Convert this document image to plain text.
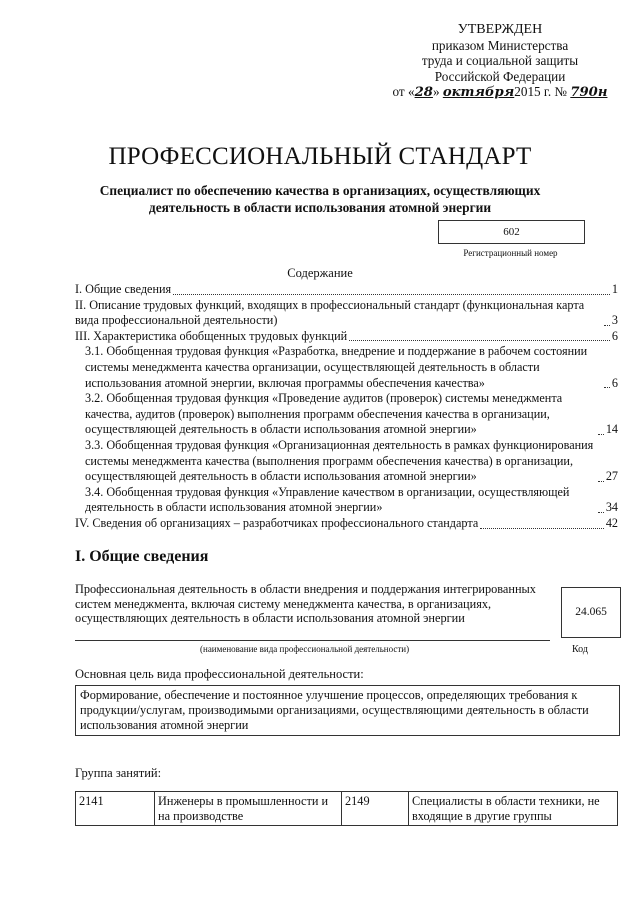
УТВЕРЖДЕН
приказом Министерства
труда и социальной защиты
Российской Федерации
от «28» октября2015 г. № 790н
ПРОФЕССИОНАЛЬНЫЙ СТАНДАРТ
Специалист по обеспечению качества в организациях, осуществляющих деятельность в области использования атомной энергии
602
Регистрационный номер
Содержание
I. Общие сведения	1
II. Описание трудовых функций, входящих в профессиональный стандарт (функциональная карта вида профессиональной деятельности)	3
III. Характеристика обобщенных трудовых функций	6
3.1. Обобщенная трудовая функция «Разработка, внедрение и поддержание в рабочем состоянии системы менеджмента качества организации, осуществляющей деятельность в области использования атомной энергии, включая программы обеспечения качества»	6
3.2. Обобщенная трудовая функция «Проведение аудитов (проверок) системы менеджмента качества, аудитов (проверок) выполнения программ обеспечения качества в организации, осуществляющей деятельность в области использования атомной энергии»	14
3.3. Обобщенная трудовая функция «Организационная деятельность в рамках функционирования системы менеджмента качества (выполнения программ обеспечения качества) в организации, осуществляющей деятельность в области использования атомной энергии»	27
3.4. Обобщенная трудовая функция «Управление качеством в организации, осуществляющей деятельность в области использования атомной энергии»	34
IV. Сведения об организациях – разработчиках профессионального стандарта	42
I. Общие сведения
Профессиональная деятельность в области внедрения и поддержания интегрированных систем менеджмента, включая систему менеджмента качества, в организациях, осуществляющих деятельность в области использования атомной энергии	24.065
(наименование вида профессиональной деятельности)	Код
Основная цель вида профессиональной деятельности:
Формирование, обеспечение и постоянное улучшение процессов, определяющих требования к продукции/услугам, производимыми организациями, осуществляющими деятельность в области использования атомной энергии
Группа занятий:
2141	Инженеры в промышленности и на производстве	2149	Специалисты в области техники, не входящие в другие группы
